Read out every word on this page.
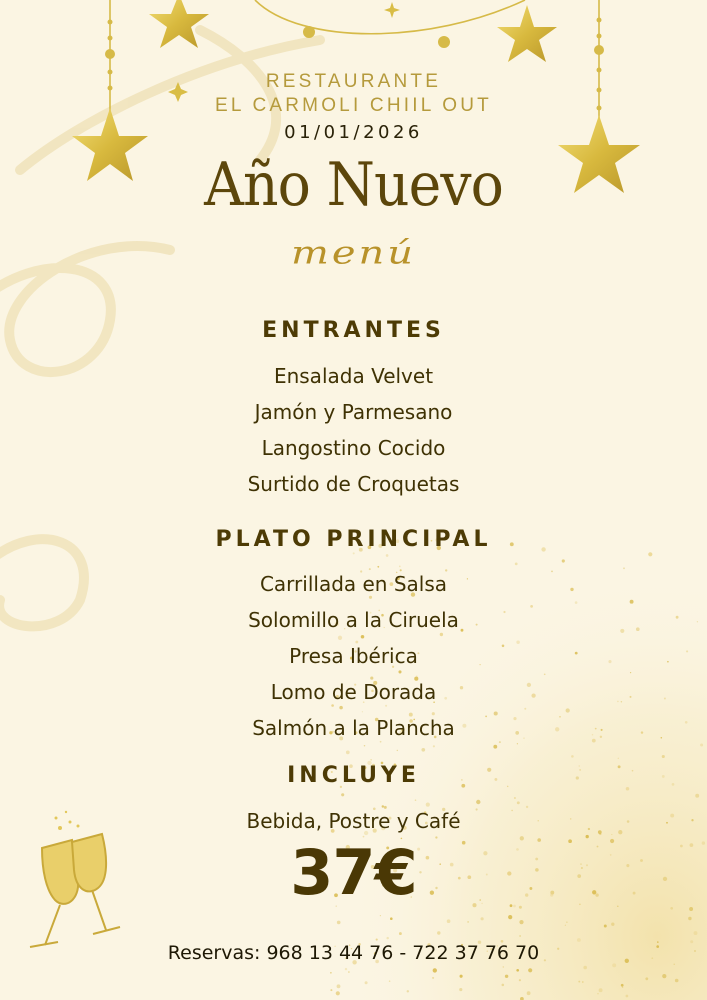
RESTAURANTE
EL CARMOLI CHIIL OUT
01/01/2026
Año Nuevo
menú
ENTRANTES
Ensalada Velvet
Jamón y Parmesano
Langostino Cocido
Surtido de Croquetas
PLATO PRINCIPAL
Carrillada en Salsa
Solomillo a la Ciruela
Presa Ibérica
Lomo de Dorada
Salmón a la Plancha
INCLUYE
Bebida, Postre y Café
37€
Reservas: 968 13 44 76 - 722 37 76 70
